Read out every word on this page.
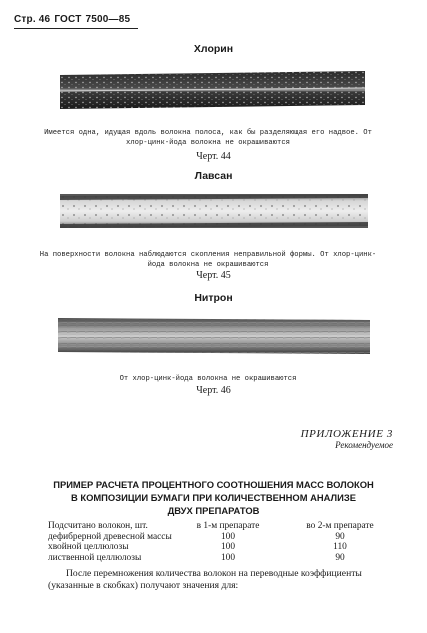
Стр. 46 ГОСТ 7500—85
Хлорин
Имеется одна, идущая вдоль волокна полоса, как бы разделяющая его надвое. От хлор-цинк-йода волокна не окрашиваются
Черт. 44
Лавсан
На поверхности волокна наблюдаются скопления неправильной формы. От хлор-цинк-йода волокна не окрашиваются
Черт. 45
Нитрон
От хлор-цинк-йода волокна не окрашиваются
Черт. 46
ПРИЛОЖЕНИЕ 3
Рекомендуемое
ПРИМЕР РАСЧЕТА ПРОЦЕНТНОГО СООТНОШЕНИЯ МАСС ВОЛОКОН
В КОМПОЗИЦИИ БУМАГИ ПРИ КОЛИЧЕСТВЕННОМ АНАЛИЗЕ
ДВУХ ПРЕПАРАТОВ
Подсчитано волокон, шт.	в 1-м препарате	во 2-м препарате
дефибрерной древесной массы	100	90
хвойной целлюлозы	100	110
лиственной целлюлозы	100	90
После перемножения количества волокон на переводные коэффициенты (указанные в скобках) получают значения для:
